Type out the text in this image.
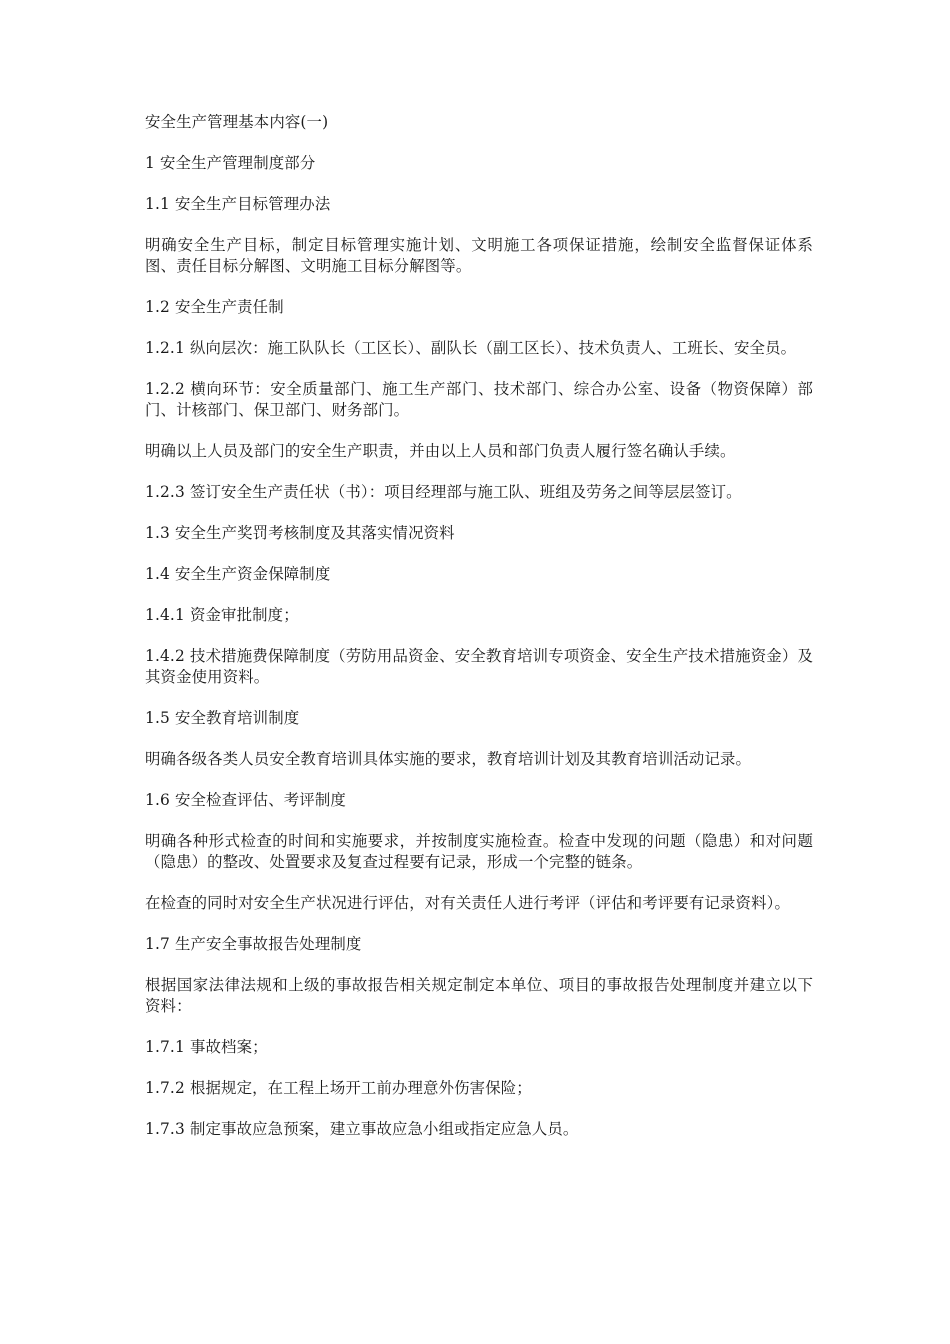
安全生产管理基本内容(一)

1 安全生产管理制度部分

1.1 安全生产目标管理办法

明确安全生产目标，制定目标管理实施计划、文明施工各项保证措施，绘制安全监督保证体系图、责任目标分解图、文明施工目标分解图等。

1.2 安全生产责任制

1.2.1 纵向层次：施工队队长（工区长）、副队长（副工区长）、技术负责人、工班长、安全员。

1.2.2 横向环节：安全质量部门、施工生产部门、技术部门、综合办公室、设备（物资保障）部门、计核部门、保卫部门、财务部门。

明确以上人员及部门的安全生产职责，并由以上人员和部门负责人履行签名确认手续。

1.2.3 签订安全生产责任状（书）：项目经理部与施工队、班组及劳务之间等层层签订。

1.3 安全生产奖罚考核制度及其落实情况资料

1.4 安全生产资金保障制度

1.4.1 资金审批制度；

1.4.2 技术措施费保障制度（劳防用品资金、安全教育培训专项资金、安全生产技术措施资金）及其资金使用资料。

1.5 安全教育培训制度

明确各级各类人员安全教育培训具体实施的要求，教育培训计划及其教育培训活动记录。

1.6 安全检查评估、考评制度

明确各种形式检查的时间和实施要求，并按制度实施检查。检查中发现的问题（隐患）和对问题（隐患）的整改、处置要求及复查过程要有记录，形成一个完整的链条。

在检查的同时对安全生产状况进行评估，对有关责任人进行考评（评估和考评要有记录资料）。

1.7 生产安全事故报告处理制度

根据国家法律法规和上级的事故报告相关规定制定本单位、项目的事故报告处理制度并建立以下资料：

1.7.1 事故档案；

1.7.2 根据规定，在工程上场开工前办理意外伤害保险；

1.7.3 制定事故应急预案，建立事故应急小组或指定应急人员。
